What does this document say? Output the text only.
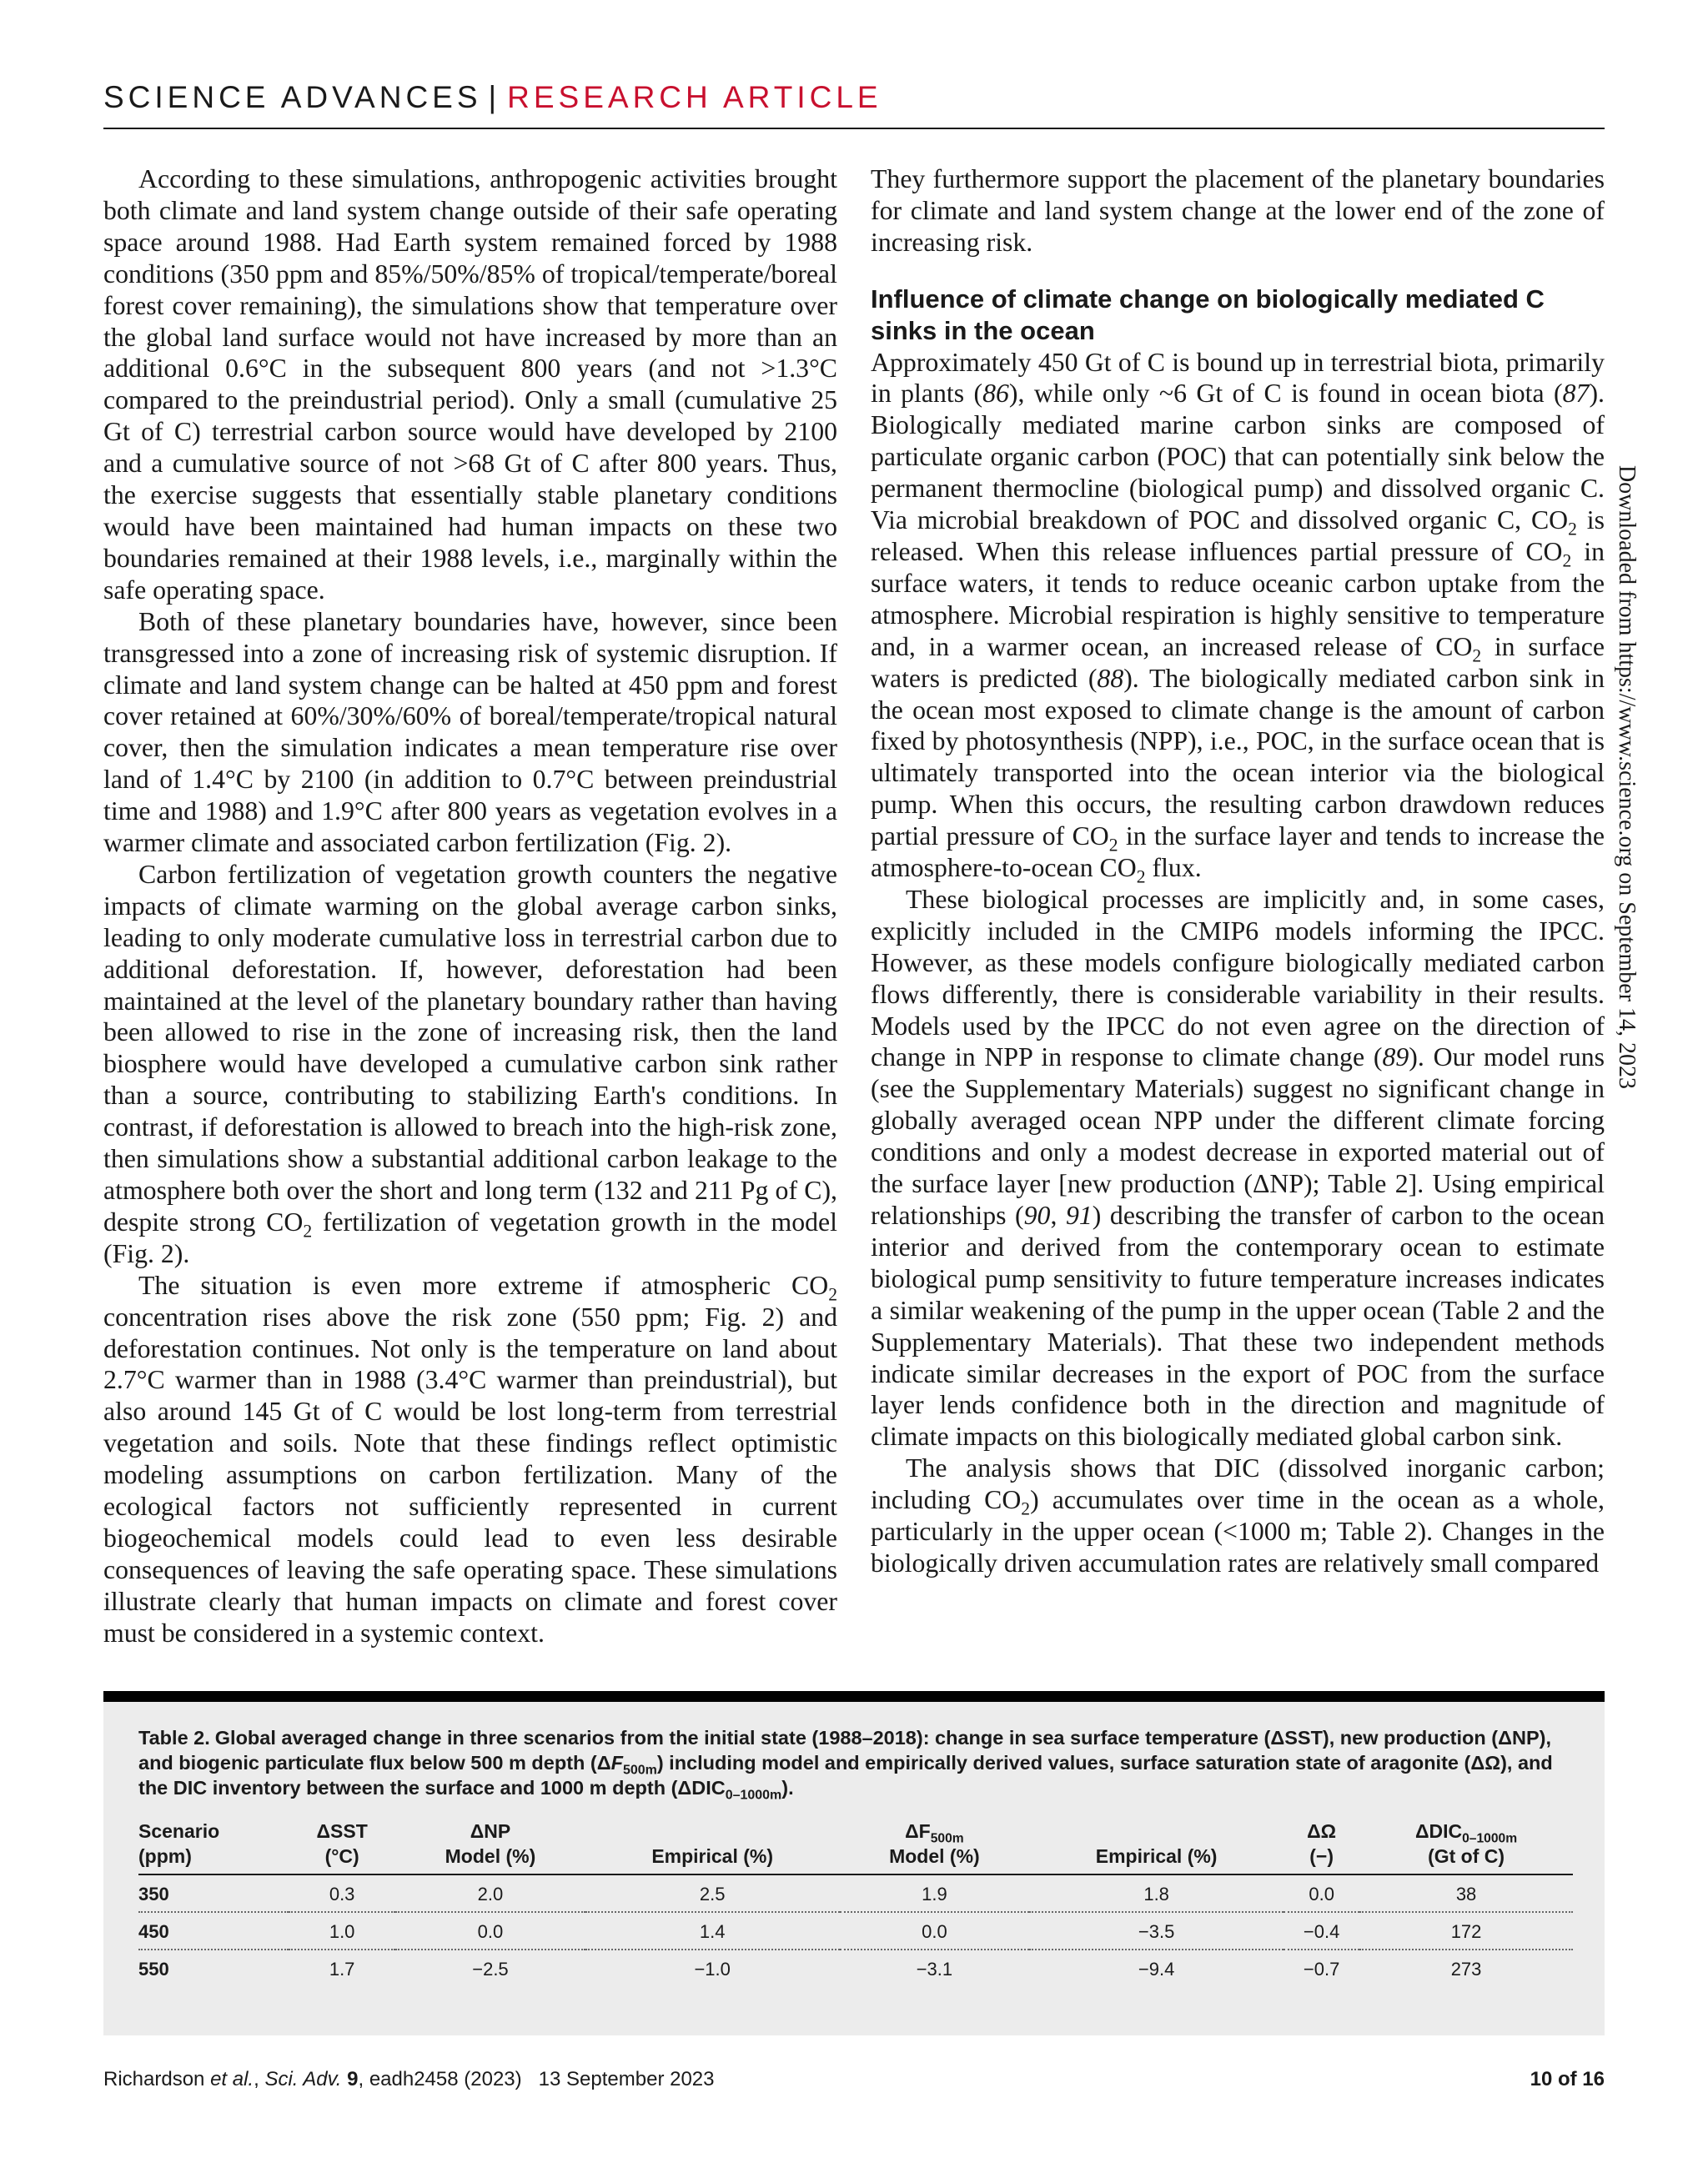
SCIENCE ADVANCES | RESEARCH ARTICLE

According to these simulations, anthropogenic activities brought both climate and land system change outside of their safe operating space around 1988. Had Earth system remained forced by 1988 conditions (350 ppm and 85%/50%/85% of tropical/temperate/boreal forest cover remaining), the simulations show that temperature over the global land surface would not have increased by more than an additional 0.6°C in the subsequent 800 years (and not >1.3°C compared to the preindustrial period). Only a small (cumulative 25 Gt of C) terrestrial carbon source would have developed by 2100 and a cumulative source of not >68 Gt of C after 800 years. Thus, the exercise suggests that essentially stable planetary conditions would have been maintained had human impacts on these two boundaries remained at their 1988 levels, i.e., marginally within the safe operating space.

Both of these planetary boundaries have, however, since been transgressed into a zone of increasing risk of systemic disruption. If climate and land system change can be halted at 450 ppm and forest cover retained at 60%/30%/60% of boreal/temperate/tropical natural cover, then the simulation indicates a mean temperature rise over land of 1.4°C by 2100 (in addition to 0.7°C between preindustrial time and 1988) and 1.9°C after 800 years as vegetation evolves in a warmer climate and associated carbon fertilization (Fig. 2).

Carbon fertilization of vegetation growth counters the negative impacts of climate warming on the global average carbon sinks, leading to only moderate cumulative loss in terrestrial carbon due to additional deforestation. If, however, deforestation had been maintained at the level of the planetary boundary rather than having been allowed to rise in the zone of increasing risk, then the land biosphere would have developed a cumulative carbon sink rather than a source, contributing to stabilizing Earth's conditions. In contrast, if deforestation is allowed to breach into the high-risk zone, then simulations show a substantial additional carbon leakage to the atmosphere both over the short and long term (132 and 211 Pg of C), despite strong $CO_2$ fertilization of vegetation growth in the model (Fig. 2).

The situation is even more extreme if atmospheric $CO_2$ concentration rises above the risk zone (550 ppm; Fig. 2) and deforestation continues. Not only is the temperature on land about 2.7°C warmer than in 1988 (3.4°C warmer than preindustrial), but also around 145 Gt of C would be lost long-term from terrestrial vegetation and soils. Note that these findings reflect optimistic modeling assumptions on carbon fertilization. Many of the ecological factors not sufficiently represented in current biogeochemical models could lead to even less desirable consequences of leaving the safe operating space. These simulations illustrate clearly that human impacts on climate and forest cover must be considered in a systemic context.

They furthermore support the placement of the planetary boundaries for climate and land system change at the lower end of the zone of increasing risk.

Influence of climate change on biologically mediated C sinks in the ocean

Approximately 450 Gt of C is bound up in terrestrial biota, primarily in plants (86), while only ~6 Gt of C is found in ocean biota (87). Biologically mediated marine carbon sinks are composed of particulate organic carbon (POC) that can potentially sink below the permanent thermocline (biological pump) and dissolved organic C. Via microbial breakdown of POC and dissolved organic C, $CO_2$ is released. When this release influences partial pressure of $CO_2$ in surface waters, it tends to reduce oceanic carbon uptake from the atmosphere. Microbial respiration is highly sensitive to temperature and, in a warmer ocean, an increased release of $CO_2$ in surface waters is predicted (88). The biologically mediated carbon sink in the ocean most exposed to climate change is the amount of carbon fixed by photosynthesis (NPP), i.e., POC, in the surface ocean that is ultimately transported into the ocean interior via the biological pump. When this occurs, the resulting carbon drawdown reduces partial pressure of $CO_2$ in the surface layer and tends to increase the atmosphere-to-ocean $CO_2$ flux.

These biological processes are implicitly and, in some cases, explicitly included in the CMIP6 models informing the IPCC. However, as these models configure biologically mediated carbon flows differently, there is considerable variability in their results. Models used by the IPCC do not even agree on the direction of change in NPP in response to climate change (89). Our model runs (see the Supplementary Materials) suggest no significant change in globally averaged ocean NPP under the different climate forcing conditions and only a modest decrease in exported material out of the surface layer [new production (ΔNP); Table 2]. Using empirical relationships (90, 91) describing the transfer of carbon to the ocean interior and derived from the contemporary ocean to estimate biological pump sensitivity to future temperature increases indicates a similar weakening of the pump in the upper ocean (Table 2 and the Supplementary Materials). That these two independent methods indicate similar decreases in the export of POC from the surface layer lends confidence both in the direction and magnitude of climate impacts on this biologically mediated global carbon sink.

The analysis shows that DIC (dissolved inorganic carbon; including $CO_2$) accumulates over time in the ocean as a whole, particularly in the upper ocean (<1000 m; Table 2). Changes in the biologically driven accumulation rates are relatively small compared

Downloaded from https://www.science.org on September 14, 2023
Table 2. Global averaged change in three scenarios from the initial state (1988–2018): change in sea surface temperature (ΔSST), new production (ΔNP), and biogenic particulate flux below 500 m depth $(\Delta F_{500m})$ including model and empirically derived values, surface saturation state of aragonite (ΔΩ), and the DIC inventory between the surface and 1000 m depth $(\Delta DIC_{0-1000m})$.
Scenario	ΔSST	ΔNP		$\Delta F_{500m}$		ΔΩ	$\Delta DIC_{0-1000m}$
(ppm)	(°C)	Model (%)	Empirical (%)	Model (%)	Empirical (%)	(−)	(Gt of C)
350	0.3	2.0	2.5	1.9	1.8	0.0	38
450	1.0	0.0	1.4	0.0	−3.5	−0.4	172
550	1.7	−2.5	−1.0	−3.1	−9.4	−0.7	273
Richardson et al., Sci. Adv. 9, eadh2458 (2023) 13 September 2023	10 of 16
